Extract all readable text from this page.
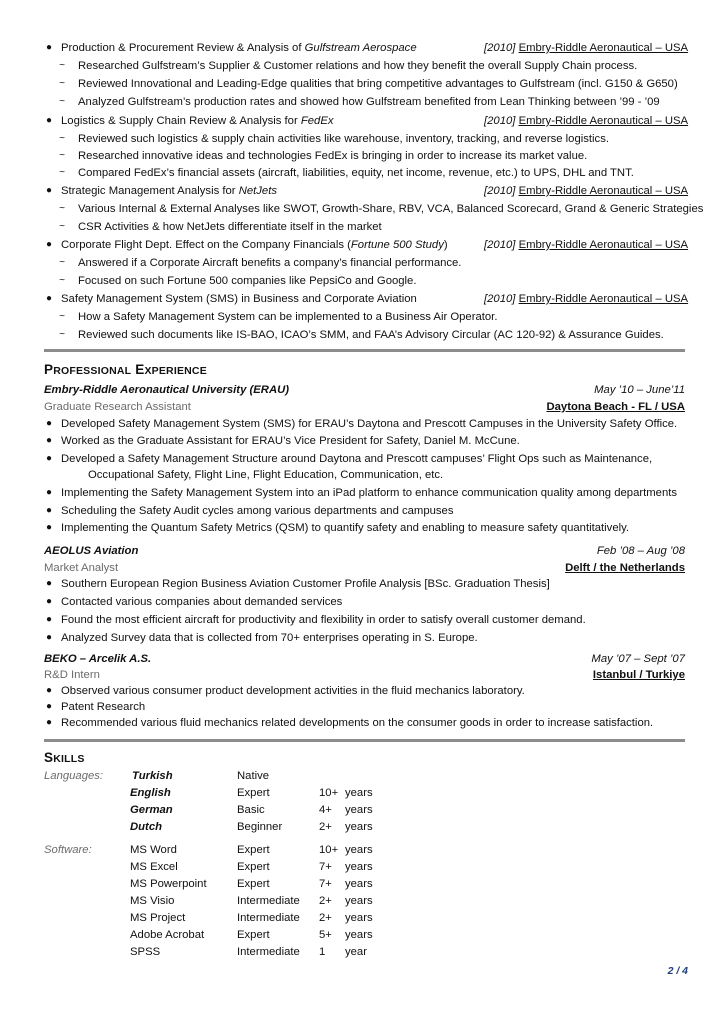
● Production & Procurement Review & Analysis of Gulfstream Aerospace	[2010] Embry-Riddle Aeronautical – USA
~ Researched Gulfstream’s Supplier & Customer relations and how they benefit the overall Supply Chain process.
~ Reviewed Innovational and Leading-Edge qualities that bring competitive advantages to Gulfstream (incl. G150 & G650)
~ Analyzed Gulfstream’s production rates and showed how Gulfstream benefited from Lean Thinking between ’99 - ’09
● Logistics & Supply Chain Review & Analysis for FedEx	[2010] Embry-Riddle Aeronautical – USA
~ Reviewed such logistics & supply chain activities like warehouse, inventory, tracking, and reverse logistics.
~ Researched innovative ideas and technologies FedEx is bringing in order to increase its market value.
~ Compared FedEx’s financial assets (aircraft, liabilities, equity, net income, revenue, etc.) to UPS, DHL and TNT.
● Strategic Management Analysis for NetJets	[2010] Embry-Riddle Aeronautical – USA
~ Various Internal & External Analyses like SWOT, Growth-Share, RBV, VCA, Balanced Scorecard, Grand & Generic Strategies
~ CSR Activities & how NetJets differentiate itself in the market
● Corporate Flight Dept. Effect on the Company Financials (Fortune 500 Study)	[2010] Embry-Riddle Aeronautical – USA
~ Answered if a Corporate Aircraft benefits a company’s financial performance.
~ Focused on such Fortune 500 companies like PepsiCo and Google.
● Safety Management System (SMS) in Business and Corporate Aviation	[2010] Embry-Riddle Aeronautical – USA
~ How a Safety Management System can be implemented to a Business Air Operator.
~ Reviewed such documents like IS-BAO, ICAO’s SMM, and FAA’s Advisory Circular (AC 120-92) & Assurance Guides.
PROFESSIONAL EXPERIENCE
Embry-Riddle Aeronautical University (ERAU)	May ’10 – June’11
Graduate Research Assistant	Daytona Beach - FL / USA
● Developed Safety Management System (SMS) for ERAU’s Daytona and Prescott Campuses in the University Safety Office.
● Worked as the Graduate Assistant for ERAU’s Vice President for Safety, Daniel M. McCune.
● Developed a Safety Management Structure around Daytona and Prescott campuses’ Flight Ops such as Maintenance,
Occupational Safety, Flight Line, Flight Education, Communication, etc.
● Implementing the Safety Management System into an iPad platform to enhance communication quality among departments
● Scheduling the Safety Audit cycles among various departments and campuses
● Implementing the Quantum Safety Metrics (QSM) to quantify safety and enabling to measure safety quantitatively.
AEOLUS Aviation	Feb ’08 – Aug ’08
Market Analyst	Delft / the Netherlands
● Southern European Region Business Aviation Customer Profile Analysis [BSc. Graduation Thesis]
● Contacted various companies about demanded services
● Found the most efficient aircraft for productivity and flexibility in order to satisfy overall customer demand.
● Analyzed Survey data that is collected from 70+ enterprises operating in S. Europe.
BEKO – Arcelik A.S.	May ’07 – Sept ’07
R&D Intern	Istanbul / Turkiye
● Observed various consumer product development activities in the fluid mechanics laboratory.
● Patent Research
● Recommended various fluid mechanics related developments on the consumer goods in order to increase satisfaction.
SKILLS
Languages:	Turkish	Native
English	Expert	10+ years
German	Basic	4+ years
Dutch	Beginner	2+ years
Software:	MS Word	Expert	10+ years
MS Excel	Expert	7+ years
MS Powerpoint	Expert	7+ years
MS Visio	Intermediate 2+ years
MS Project	Intermediate 2+ years
Adobe Acrobat	Expert	5+ years
SPSS	Intermediate 1 year
2 / 4
